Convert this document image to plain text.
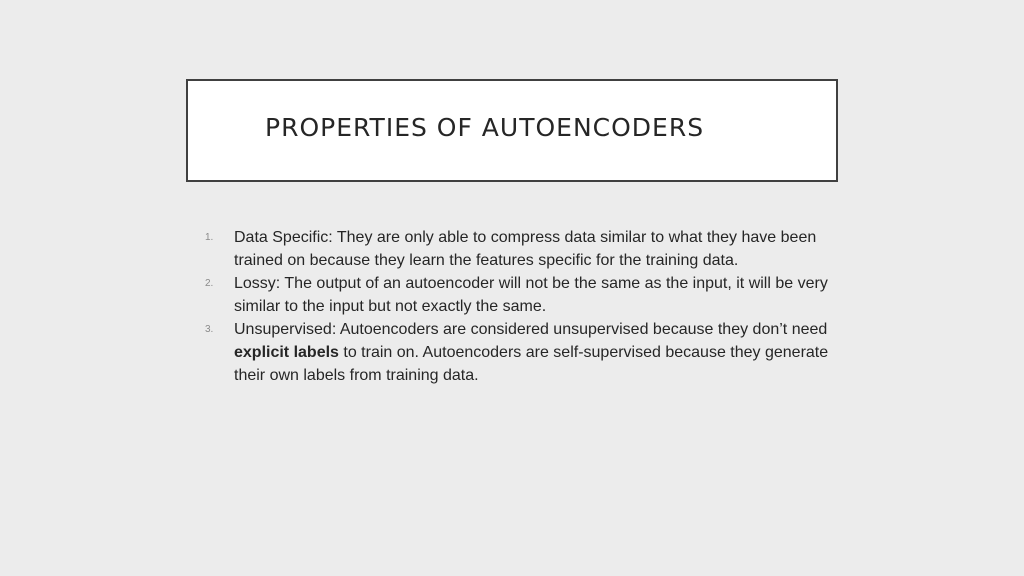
PROPERTIES OF AUTOENCODERS
1. Data Specific: They are only able to compress data similar to what they have been trained on because they learn the features specific for the training data.
2. Lossy: The output of an autoencoder will not be the same as the input, it will be very similar to the input but not exactly the same.
3. Unsupervised: Autoencoders are considered unsupervised because they don’t need explicit labels to train on. Autoencoders are self-supervised because they generate their own labels from training data.
